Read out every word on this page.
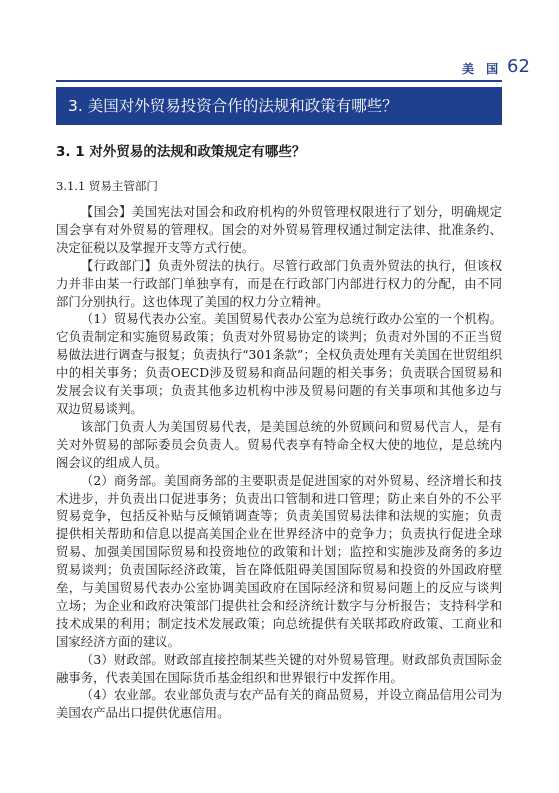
美 国 62
3. 美国对外贸易投资合作的法规和政策有哪些？
3. 1 对外贸易的法规和政策规定有哪些？
3.1.1 贸易主管部门

【国会】美国宪法对国会和政府机构的外贸管理权限进行了划分，明确规定国会享有对外贸易的管理权。国会的对外贸易管理权通过制定法律、批准条约、决定征税以及掌握开支等方式行使。

【行政部门】负责外贸法的执行。尽管行政部门负责外贸法的执行，但该权力并非由某一行政部门单独享有，而是在行政部门内部进行权力的分配，由不同部门分别执行。这也体现了美国的权力分立精神。

（1）贸易代表办公室。美国贸易代表办公室为总统行政办公室的一个机构。它负责制定和实施贸易政策；负责对外贸易协定的谈判；负责对外国的不正当贸易做法进行调查与报复；负责执行“301条款”；全权负责处理有关美国在世贸组织中的相关事务；负责OECD涉及贸易和商品问题的相关事务；负责联合国贸易和发展会议有关事项；负责其他多边机构中涉及贸易问题的有关事项和其他多边与双边贸易谈判。

该部门负责人为美国贸易代表，是美国总统的外贸顾问和贸易代言人，是有关对外贸易的部际委员会负责人。贸易代表享有特命全权大使的地位，是总统内阁会议的组成人员。

（2）商务部。美国商务部的主要职责是促进国家的对外贸易、经济增长和技术进步，并负责出口促进事务；负责出口管制和进口管理；防止来自外的不公平贸易竞争，包括反补贴与反倾销调查等；负责美国贸易法律和法规的实施；负责提供相关帮助和信息以提高美国企业在世界经济中的竞争力；负责执行促进全球贸易、加强美国国际贸易和投资地位的政策和计划；监控和实施涉及商务的多边贸易谈判；负责国际经济政策，旨在降低阻碍美国国际贸易和投资的外国政府壁垒，与美国贸易代表办公室协调美国政府在国际经济和贸易问题上的反应与谈判立场；为企业和政府决策部门提供社会和经济统计数字与分析报告；支持科学和技术成果的利用；制定技术发展政策；向总统提供有关联邦政府政策、工商业和国家经济方面的建议。

（3）财政部。财政部直接控制某些关键的对外贸易管理。财政部负责国际金融事务，代表美国在国际货币基金组织和世界银行中发挥作用。

（4）农业部。农业部负责与农产品有关的商品贸易，并设立商品信用公司为美国农产品出口提供优惠信用。
